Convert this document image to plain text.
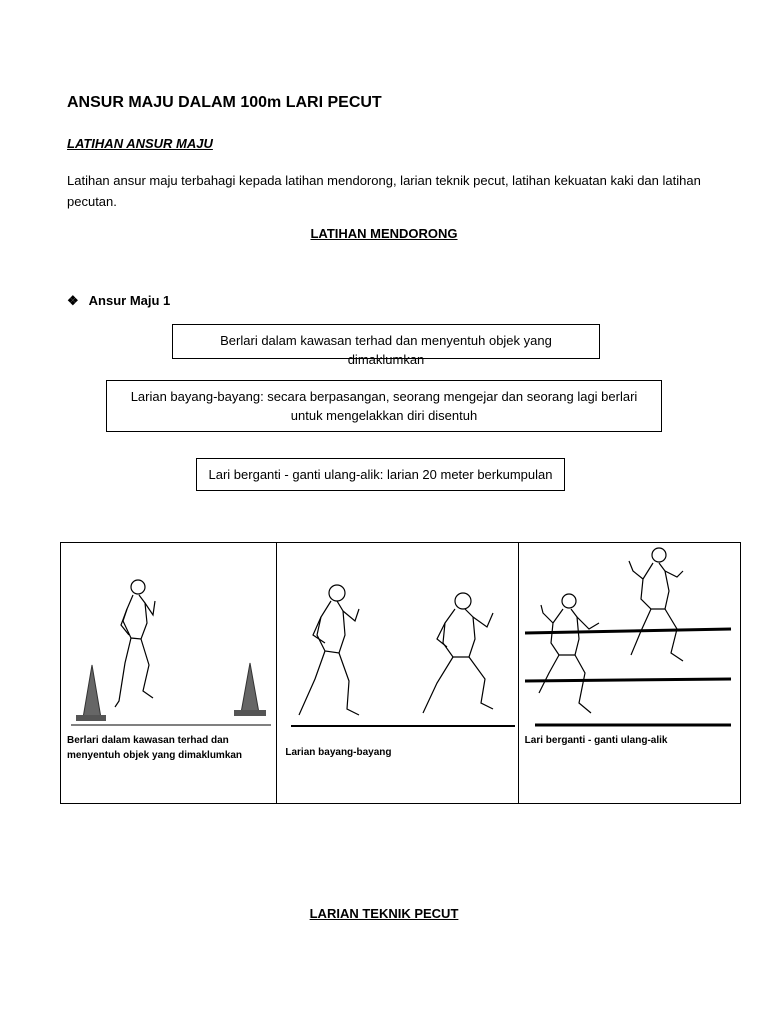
ANSUR MAJU DALAM 100m LARI PECUT
LATIHAN ANSUR MAJU
Latihan ansur maju terbahagi kepada latihan mendorong, larian teknik pecut, latihan kekuatan kaki dan latihan pecutan.
LATIHAN MENDORONG
❖ Ansur Maju 1
Berlari dalam kawasan terhad dan menyentuh objek yang dimaklumkan
Larian bayang-bayang: secara berpasangan, seorang mengejar dan seorang lagi berlari untuk mengelakkan diri disentuh
Lari berganti - ganti ulang-alik: larian 20 meter berkumpulan
Berlari dalam kawasan terhad dan menyentuh objek yang dimaklumkan	Larian bayang-bayang
Lari berganti - ganti ulang-alik
LARIAN TEKNIK PECUT
